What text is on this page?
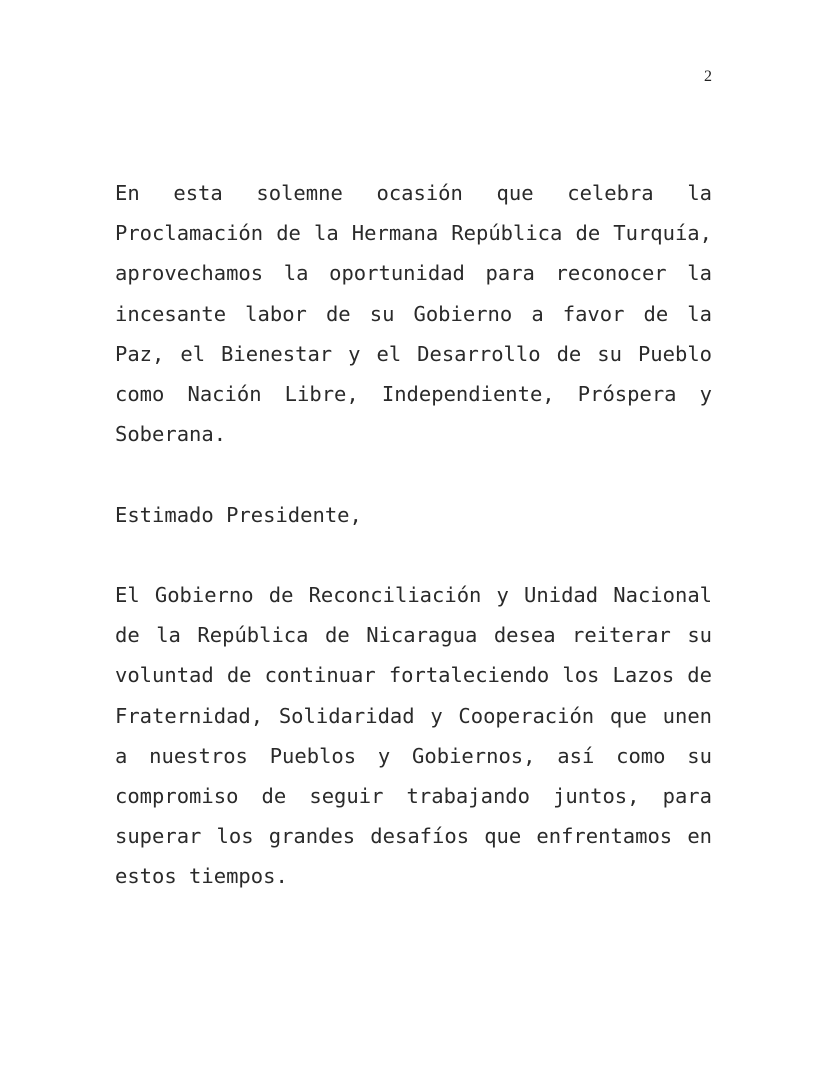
2

En esta solemne ocasión que celebra la Proclamación de la Hermana República de Turquía, aprovechamos la oportunidad para reconocer la incesante labor de su Gobierno a favor de la Paz, el Bienestar y el Desarrollo de su Pueblo como Nación Libre, Independiente, Próspera y Soberana.

Estimado Presidente,

El Gobierno de Reconciliación y Unidad Nacional de la República de Nicaragua desea reiterar su voluntad de continuar fortaleciendo los Lazos de Fraternidad, Solidaridad y Cooperación que unen a nuestros Pueblos y Gobiernos, así como su compromiso de seguir trabajando juntos, para superar los grandes desafíos que enfrentamos en estos tiempos.
